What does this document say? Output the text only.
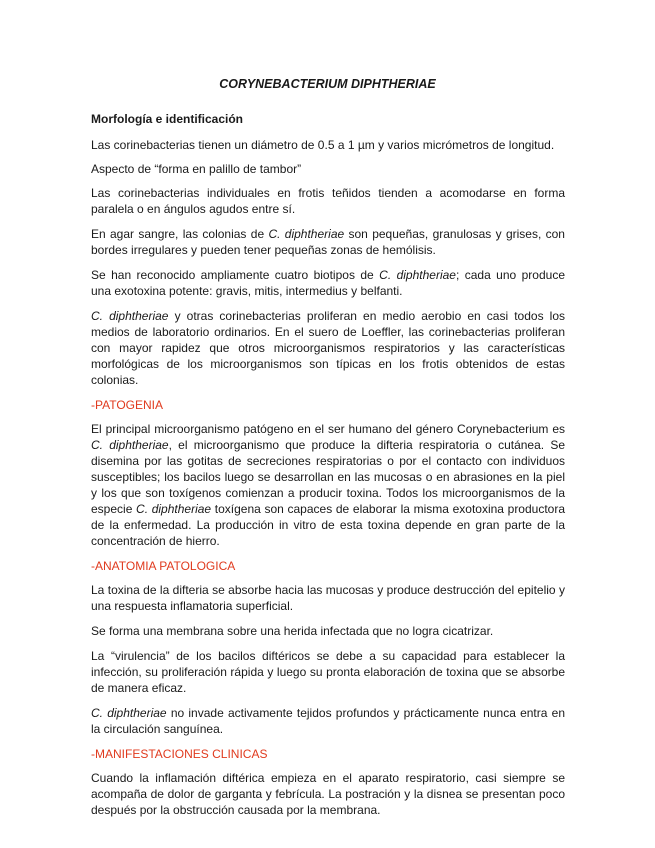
CORYNEBACTERIUM DIPHTHERIAE
Morfología e identificación

Las corinebacterias tienen un diámetro de 0.5 a 1 µm y varios micrómetros de longitud.

Aspecto de “forma en palillo de tambor”

Las corinebacterias individuales en frotis teñidos tienden a acomodarse en forma paralela o en ángulos agudos entre sí.

En agar sangre, las colonias de C. diphtheriae son pequeñas, granulosas y grises, con bordes irregulares y pueden tener pequeñas zonas de hemólisis.

Se han reconocido ampliamente cuatro biotipos de C. diphtheriae; cada uno produce una exotoxina potente: gravis, mitis, intermedius y belfanti.

C. diphtheriae y otras corinebacterias proliferan en medio aerobio en casi todos los medios de laboratorio ordinarios. En el suero de Loeffler, las corinebacterias proliferan con mayor rapidez que otros microorganismos respiratorios y las características morfológicas de los microorganismos son típicas en los frotis obtenidos de estas colonias.

-PATOGENIA

El principal microorganismo patógeno en el ser humano del género Corynebacterium es C. diphtheriae, el microorganismo que produce la difteria respiratoria o cutánea. Se disemina por las gotitas de secreciones respiratorias o por el contacto con individuos susceptibles; los bacilos luego se desarrollan en las mucosas o en abrasiones en la piel y los que son toxígenos comienzan a producir toxina. Todos los microorganismos de la especie C. diphtheriae toxígena son capaces de elaborar la misma exotoxina productora de la enfermedad. La producción in vitro de esta toxina depende en gran parte de la concentración de hierro.

-ANATOMIA PATOLOGICA

La toxina de la difteria se absorbe hacia las mucosas y produce destrucción del epitelio y una respuesta inflamatoria superficial.

Se forma una membrana sobre una herida infectada que no logra cicatrizar.

La “virulencia” de los bacilos diftéricos se debe a su capacidad para establecer la infección, su proliferación rápida y luego su pronta elaboración de toxina que se absorbe de manera eficaz.

C. diphtheriae no invade activamente tejidos profundos y prácticamente nunca entra en la circulación sanguínea.

-MANIFESTACIONES CLINICAS

Cuando la inflamación diftérica empieza en el aparato respiratorio, casi siempre se acompaña de dolor de garganta y febrícula. La postración y la disnea se presentan poco después por la obstrucción causada por la membrana.
